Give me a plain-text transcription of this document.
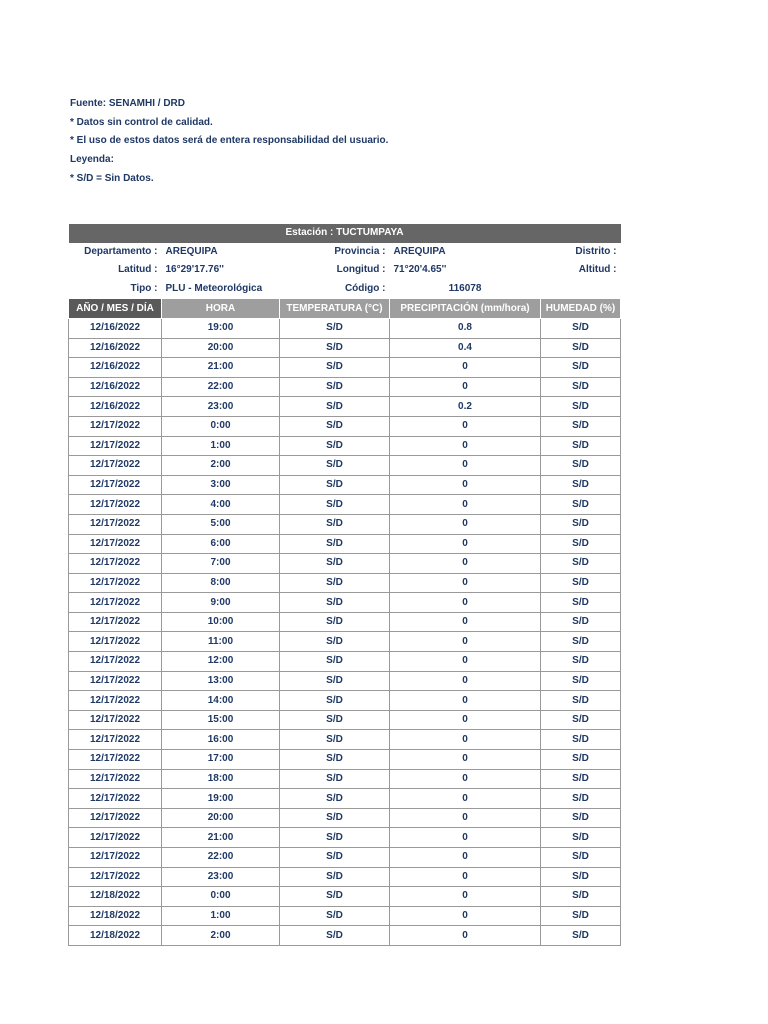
Fuente: SENAMHI / DRD
* Datos sin control de calidad.
* El uso de estos datos será de entera responsabilidad del usuario.
Leyenda:
* S/D = Sin Datos.
Estación : TUCTUMPAYA				
Departamento :	AREQUIPA	Provincia :	AREQUIPA	Distrito :
Latitud :	16°29'17.76''	Longitud :	71°20'4.65''	Altitud :
Tipo :	PLU - Meteorológica	Código :	116078	
AÑO / MES / DÍA	HORA	TEMPERATURA (°C)	PRECIPITACIÓN (mm/hora)	HUMEDAD (%)
12/16/2022	19:00	S/D	0.8	S/D
12/16/2022	20:00	S/D	0.4	S/D
12/16/2022	21:00	S/D	0	S/D
12/16/2022	22:00	S/D	0	S/D
12/16/2022	23:00	S/D	0.2	S/D
12/17/2022	0:00	S/D	0	S/D
12/17/2022	1:00	S/D	0	S/D
12/17/2022	2:00	S/D	0	S/D
12/17/2022	3:00	S/D	0	S/D
12/17/2022	4:00	S/D	0	S/D
12/17/2022	5:00	S/D	0	S/D
12/17/2022	6:00	S/D	0	S/D
12/17/2022	7:00	S/D	0	S/D
12/17/2022	8:00	S/D	0	S/D
12/17/2022	9:00	S/D	0	S/D
12/17/2022	10:00	S/D	0	S/D
12/17/2022	11:00	S/D	0	S/D
12/17/2022	12:00	S/D	0	S/D
12/17/2022	13:00	S/D	0	S/D
12/17/2022	14:00	S/D	0	S/D
12/17/2022	15:00	S/D	0	S/D
12/17/2022	16:00	S/D	0	S/D
12/17/2022	17:00	S/D	0	S/D
12/17/2022	18:00	S/D	0	S/D
12/17/2022	19:00	S/D	0	S/D
12/17/2022	20:00	S/D	0	S/D
12/17/2022	21:00	S/D	0	S/D
12/17/2022	22:00	S/D	0	S/D
12/17/2022	23:00	S/D	0	S/D
12/18/2022	0:00	S/D	0	S/D
12/18/2022	1:00	S/D	0	S/D
12/18/2022	2:00	S/D	0	S/D
